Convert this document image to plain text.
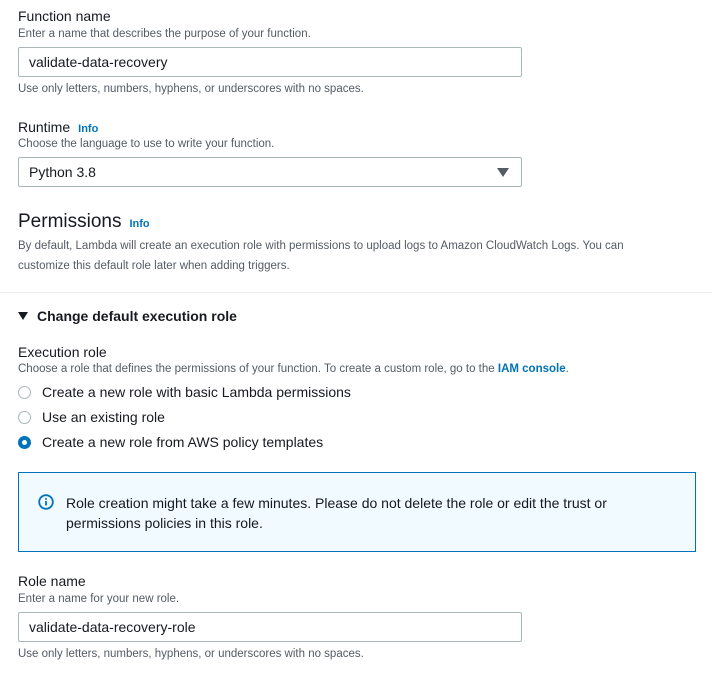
Function name
Enter a name that describes the purpose of your function.
validate-data-recovery
Use only letters, numbers, hyphens, or underscores with no spaces.
Runtime Info
Choose the language to use to write your function.
Python 3.8
Permissions Info
By default, Lambda will create an execution role with permissions to upload logs to Amazon CloudWatch Logs. You can
customize this default role later when adding triggers.
Change default execution role
Execution role
Choose a role that defines the permissions of your function. To create a custom role, go to the IAM console.
Create a new role with basic Lambda permissions
Use an existing role
Create a new role from AWS policy templates
Role creation might take a few minutes. Please do not delete the role or edit the trust or
permissions policies in this role.
Role name
Enter a name for your new role.
validate-data-recovery-role
Use only letters, numbers, hyphens, or underscores with no spaces.
